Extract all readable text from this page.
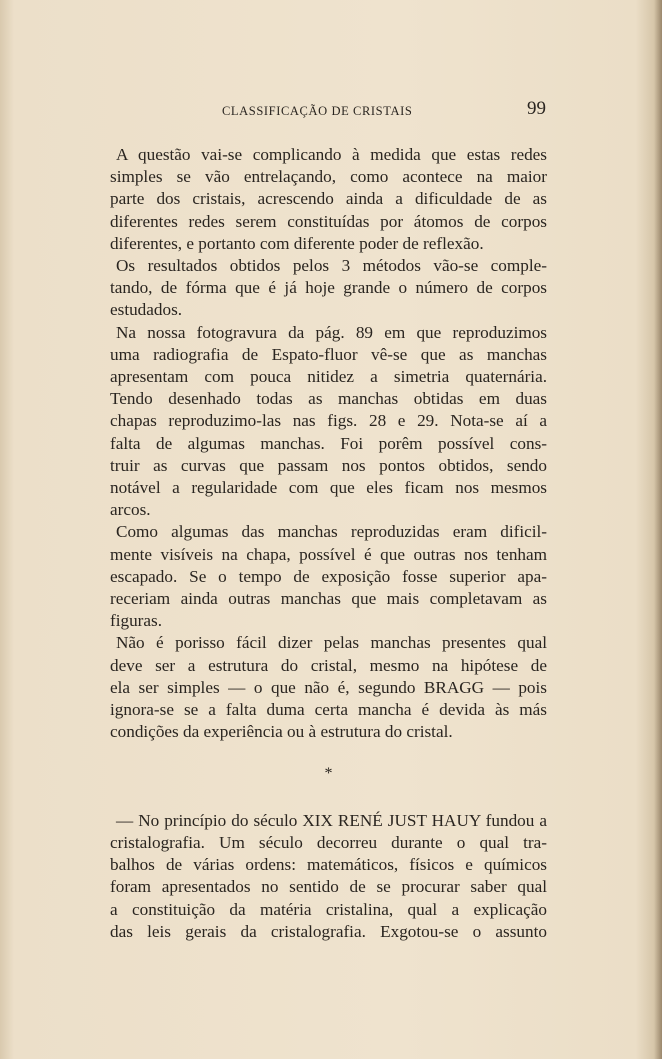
CLASSIFICAÇÃO DE CRISTAIS	99

A questão vai-se complicando à medida que estas redes
simples se vão entrelaçando, como acontece na maior
parte dos cristais, acrescendo ainda a dificuldade de as
diferentes redes serem constituídas por átomos de corpos
diferentes, e portanto com diferente poder de reflexão.

Os resultados obtidos pelos 3 métodos vão-se comple-
tando, de fórma que é já hoje grande o número de corpos
estudados.

Na nossa fotogravura da pág. 89 em que reproduzimos
uma radiografia de Espato-fluor vê-se que as manchas
apresentam com pouca nitidez a simetria quaternária.
Tendo desenhado todas as manchas obtidas em duas
chapas reproduzimo-las nas figs. 28 e 29. Nota-se aí a
falta de algumas manchas. Foi porêm possível cons-
truir as curvas que passam nos pontos obtidos, sendo
notável a regularidade com que eles ficam nos mesmos
arcos.

Como algumas das manchas reproduzidas eram dificil-
mente visíveis na chapa, possível é que outras nos tenham
escapado. Se o tempo de exposição fosse superior apa-
receriam ainda outras manchas que mais completavam as
figuras.

Não é porisso fácil dizer pelas manchas presentes qual
deve ser a estrutura do cristal, mesmo na hipótese de
ela ser simples — o que não é, segundo BRAGG — pois
ignora-se se a falta duma certa mancha é devida às más
condições da experiência ou à estrutura do cristal.

*

— No princípio do século XIX RENÉ JUST HAUY fundou a
cristalografia. Um século decorreu durante o qual tra-
balhos de várias ordens: matemáticos, físicos e químicos
foram apresentados no sentido de se procurar saber qual
a constituição da matéria cristalina, qual a explicação
das leis gerais da cristalografia. Exgotou-se o assunto
